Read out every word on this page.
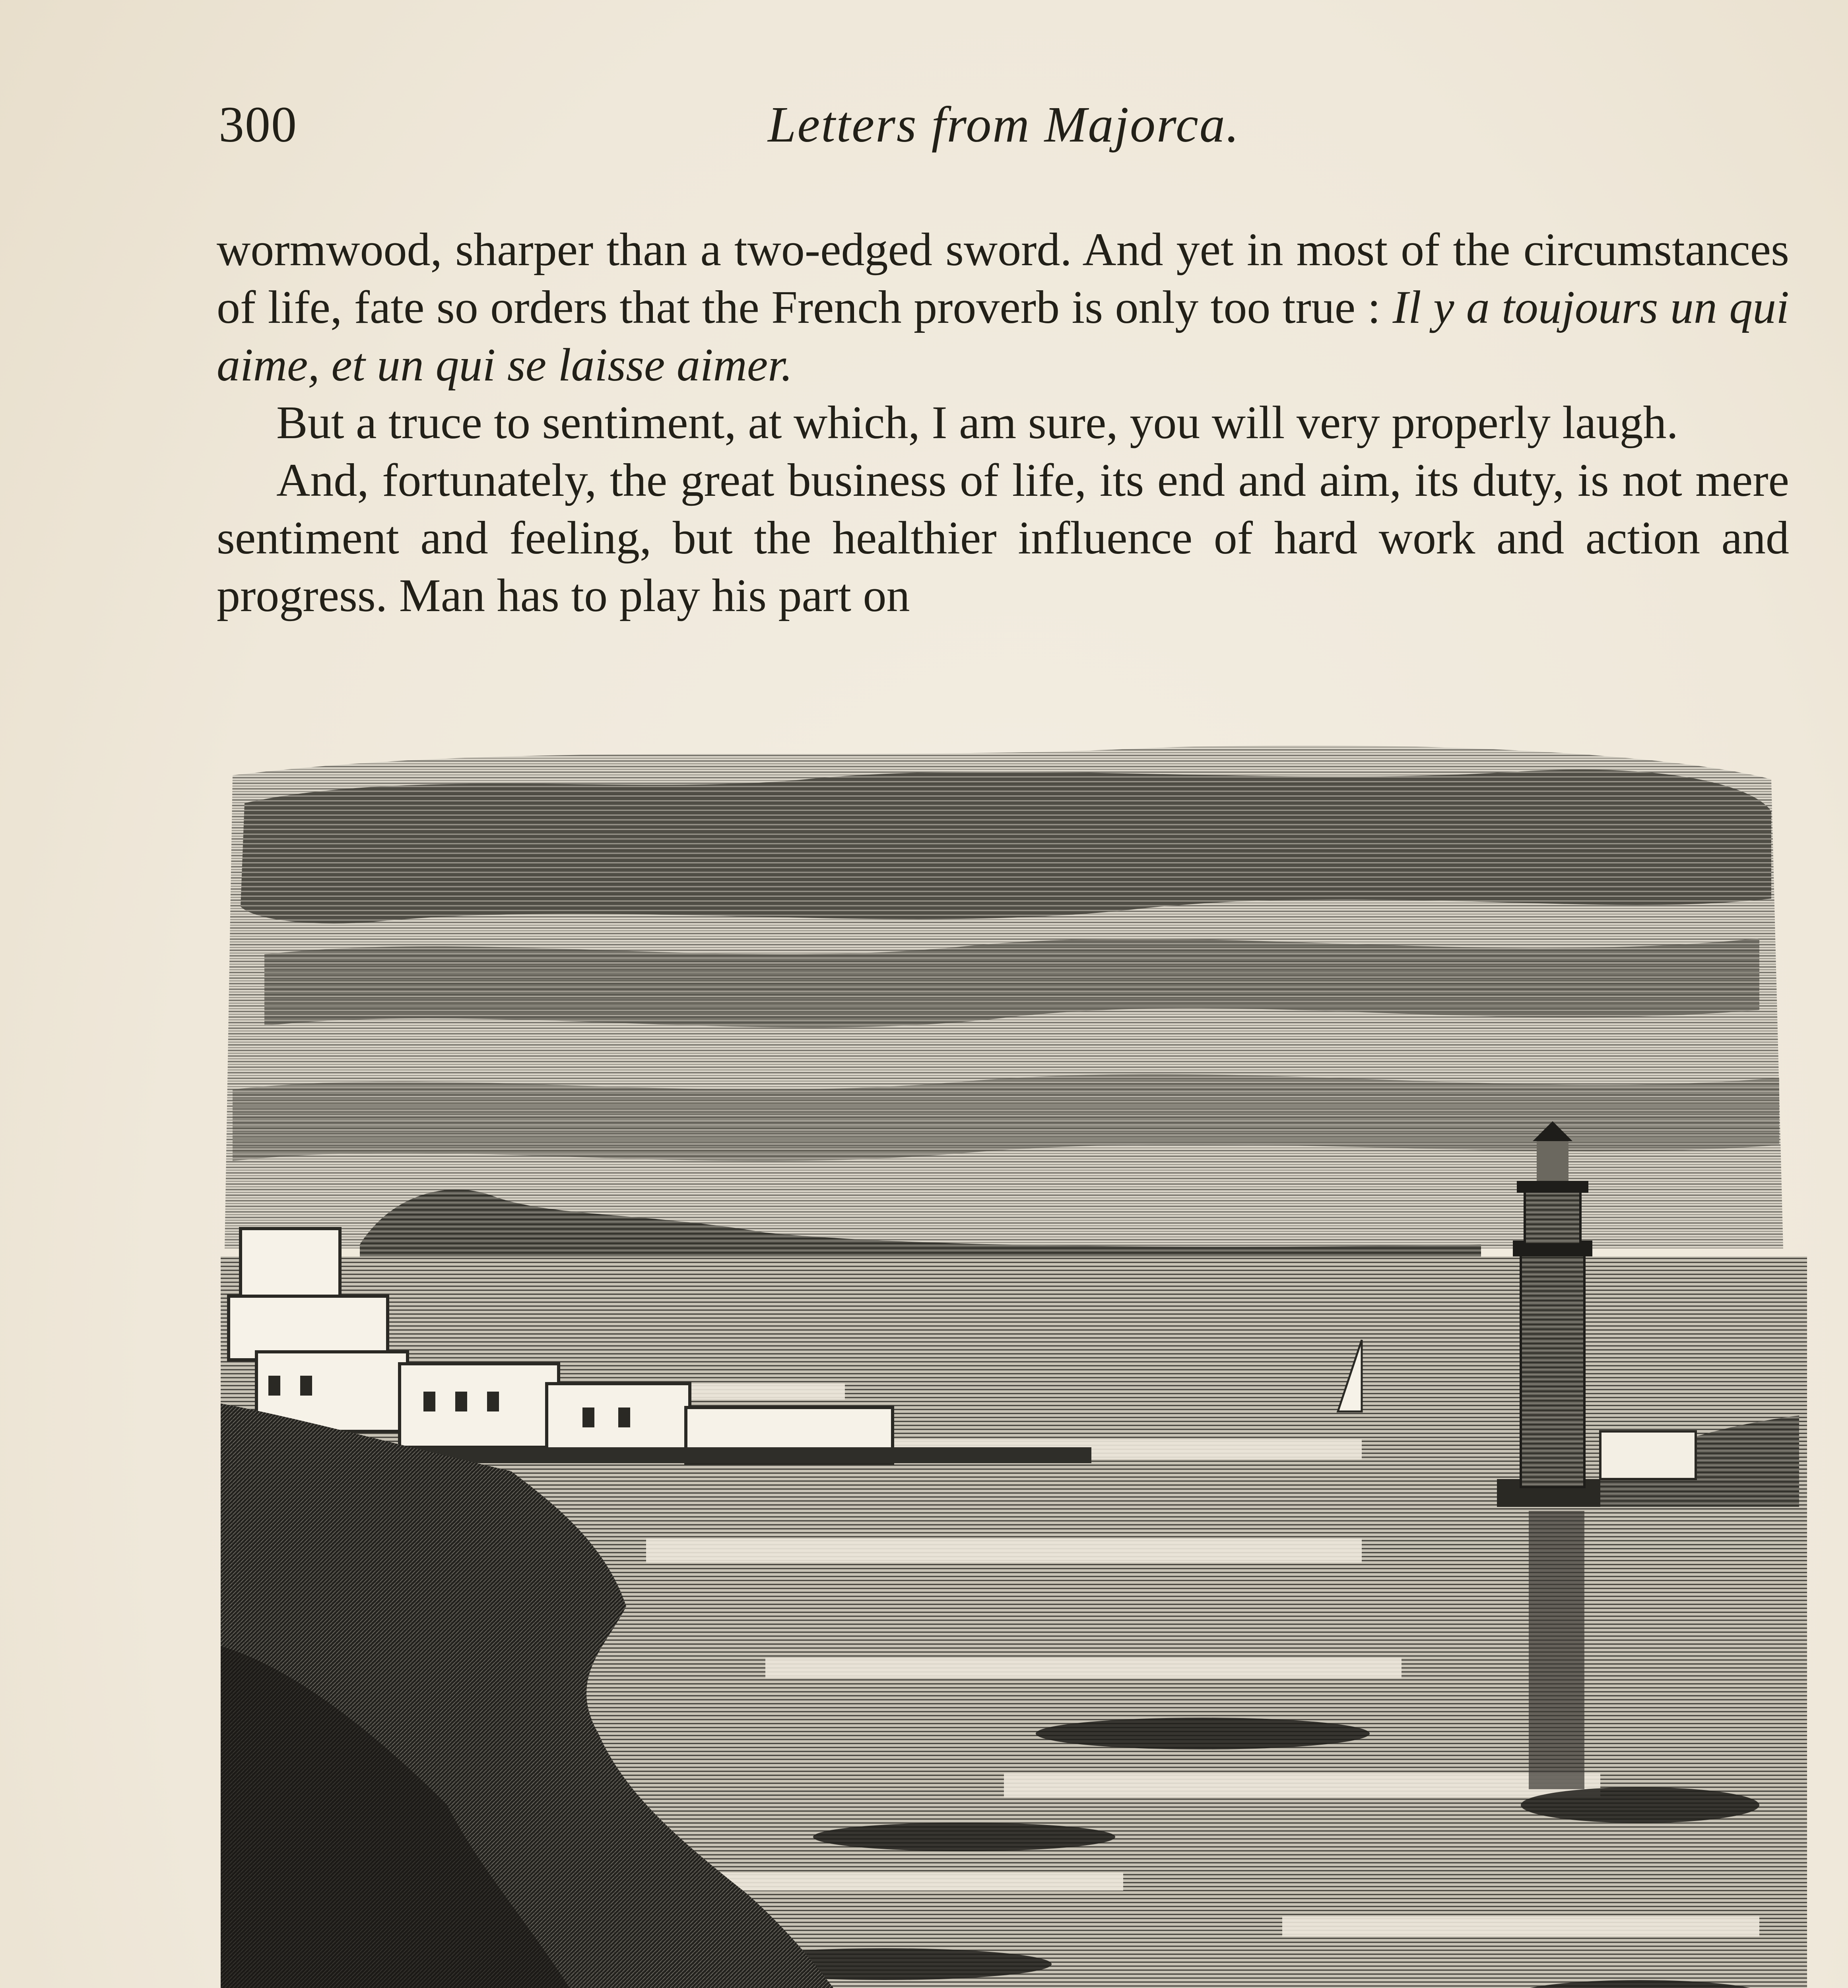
300	Letters from Majorca.

wormwood, sharper than a two-edged sword. And yet in most of the circumstances of life, fate so orders that the French proverb is only too true : Il y a toujours un qui aime, et un qui se laisse aimer.

But a truce to sentiment, at which, I am sure, you will very properly laugh.

And, fortunately, the great business of life, its end and aim, its duty, is not mere sentiment and feeling, but the healthier influence of hard work and action and progress. Man has to play his part on
